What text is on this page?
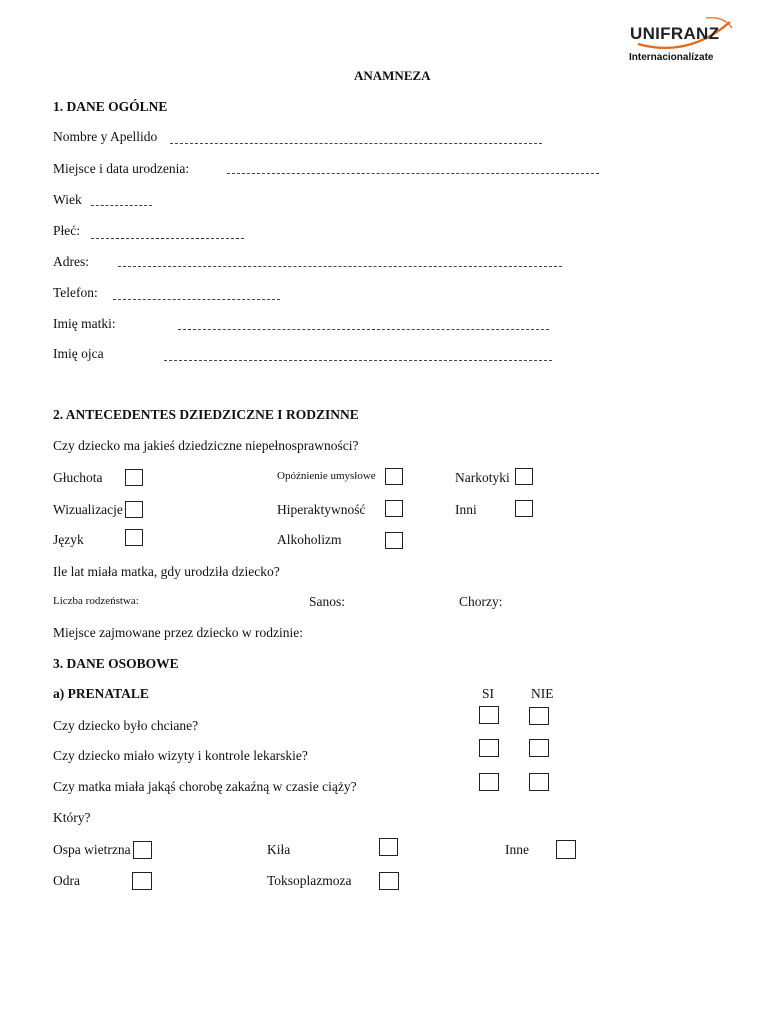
UNIFRANZ
Internacionalízate
ANAMNEZA
1. DANE OGÓLNE
Nombre y Apellido
Miejsce i data urodzenia:
Wiek
Płeć:
Adres:
Telefon:
Imię matki:
Imię ojca
2. ANTECEDENTES DZIEDZICZNE I RODZINNE
Czy dziecko ma jakieś dziedziczne niepełnosprawności?
Głuchota	Opóźnienie umysłowe	Narkotyki
Wizualizacje	Hiperaktywność	Inni
Język	Alkoholizm
Ile lat miała matka, gdy urodziła dziecko?
Liczba rodzeństwa:	Sanos:	Chorzy:
Miejsce zajmowane przez dziecko w rodzinie:
3. DANE OSOBOWE
a) PRENATALE	SI	NIE
Czy dziecko było chciane?
Czy dziecko miało wizyty i kontrole lekarskie?
Czy matka miała jakąś chorobę zakaźną w czasie ciąży?
Który?
Ospa wietrzna	Kiła	Inne
Odra	Toksoplazmoza
